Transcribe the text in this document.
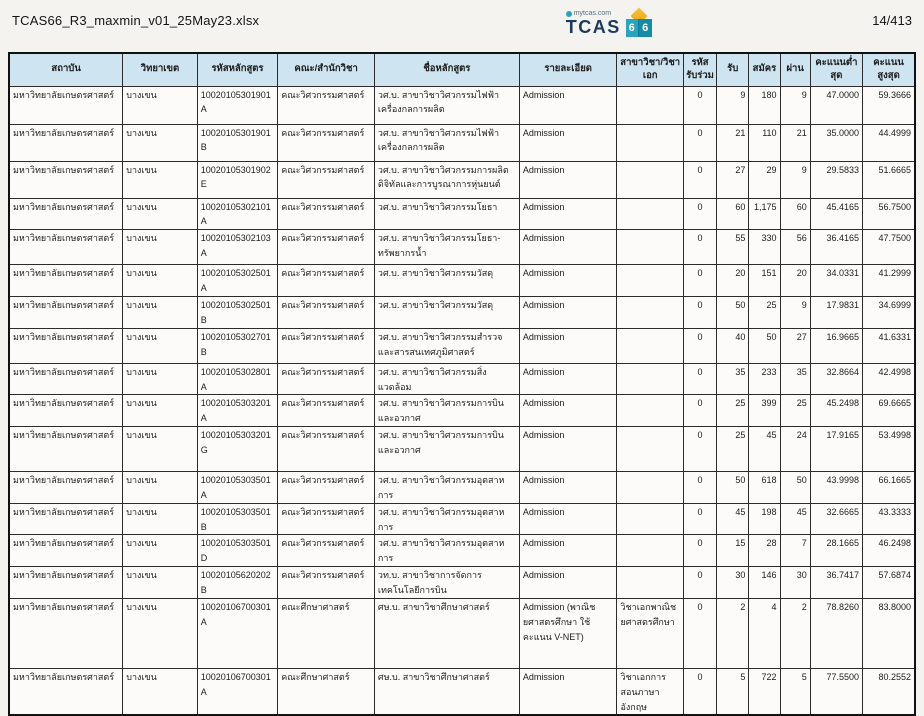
TCAS66_R3_maxmin_v01_25May23.xlsx	mytcas.com
TCAS 6 6	14/413
สถาบัน	วิทยาเขต	รหัสหลักสูตร	คณะ/สำนักวิชา	ชื่อหลักสูตร	รายละเอียด	สาขาวิชา/วิชาเอก	รหัสรับร่วม	รับ	สมัคร	ผ่าน	คะแนนต่ำสุด	คะแนนสูงสุด
มหาวิทยาลัยเกษตรศาสตร์	บางเขน	10020105301901A	คณะวิศวกรรมศาสตร์	วศ.บ. สาขาวิชาวิศวกรรมไฟฟ้าเครื่องกลการผลิต	Admission		0	9	180	9	47.0000	59.3666
มหาวิทยาลัยเกษตรศาสตร์	บางเขน	10020105301901B	คณะวิศวกรรมศาสตร์	วศ.บ. สาขาวิชาวิศวกรรมไฟฟ้าเครื่องกลการผลิต	Admission		0	21	110	21	35.0000	44.4999
มหาวิทยาลัยเกษตรศาสตร์	บางเขน	10020105301902E	คณะวิศวกรรมศาสตร์	วศ.บ. สาขาวิชาวิศวกรรมการผลิตดิจิทัลและการบูรณาการหุ่นยนต์	Admission		0	27	29	9	29.5833	51.6665
มหาวิทยาลัยเกษตรศาสตร์	บางเขน	10020105302101A	คณะวิศวกรรมศาสตร์	วศ.บ. สาขาวิชาวิศวกรรมโยธา	Admission		0	60	1,175	60	45.4165	56.7500
มหาวิทยาลัยเกษตรศาสตร์	บางเขน	10020105302103A	คณะวิศวกรรมศาสตร์	วศ.บ. สาขาวิชาวิศวกรรมโยธา-ทรัพยากรน้ำ	Admission		0	55	330	56	36.4165	47.7500
มหาวิทยาลัยเกษตรศาสตร์	บางเขน	10020105302501A	คณะวิศวกรรมศาสตร์	วศ.บ. สาขาวิชาวิศวกรรมวัสดุ	Admission		0	20	151	20	34.0331	41.2999
มหาวิทยาลัยเกษตรศาสตร์	บางเขน	10020105302501B	คณะวิศวกรรมศาสตร์	วศ.บ. สาขาวิชาวิศวกรรมวัสดุ	Admission		0	50	25	9	17.9831	34.6999
มหาวิทยาลัยเกษตรศาสตร์	บางเขน	10020105302701B	คณะวิศวกรรมศาสตร์	วศ.บ. สาขาวิชาวิศวกรรมสำรวจและสารสนเทศภูมิศาสตร์	Admission		0	40	50	27	16.9665	41.6331
มหาวิทยาลัยเกษตรศาสตร์	บางเขน	10020105302801A	คณะวิศวกรรมศาสตร์	วศ.บ. สาขาวิชาวิศวกรรมสิ่งแวดล้อม	Admission		0	35	233	35	32.8664	42.4998
มหาวิทยาลัยเกษตรศาสตร์	บางเขน	10020105303201A	คณะวิศวกรรมศาสตร์	วศ.บ. สาขาวิชาวิศวกรรมการบินและอวกาศ	Admission		0	25	399	25	45.2498	69.6665
มหาวิทยาลัยเกษตรศาสตร์	บางเขน	10020105303201G	คณะวิศวกรรมศาสตร์	วศ.บ. สาขาวิชาวิศวกรรมการบินและอวกาศ	Admission		0	25	45	24	17.9165	53.4998
มหาวิทยาลัยเกษตรศาสตร์	บางเขน	10020105303501A	คณะวิศวกรรมศาสตร์	วศ.บ. สาขาวิชาวิศวกรรมอุตสาหการ	Admission		0	50	618	50	43.9998	66.1665
มหาวิทยาลัยเกษตรศาสตร์	บางเขน	10020105303501B	คณะวิศวกรรมศาสตร์	วศ.บ. สาขาวิชาวิศวกรรมอุตสาหการ	Admission		0	45	198	45	32.6665	43.3333
มหาวิทยาลัยเกษตรศาสตร์	บางเขน	10020105303501D	คณะวิศวกรรมศาสตร์	วศ.บ. สาขาวิชาวิศวกรรมอุตสาหการ	Admission		0	15	28	7	28.1665	46.2498
มหาวิทยาลัยเกษตรศาสตร์	บางเขน	10020105620202B	คณะวิศวกรรมศาสตร์	วท.บ. สาขาวิชาการจัดการเทคโนโลยีการบิน	Admission		0	30	146	30	36.7417	57.6874
มหาวิทยาลัยเกษตรศาสตร์	บางเขน	10020106700301A	คณะศึกษาศาสตร์	ศษ.บ. สาขาวิชาศึกษาศาสตร์	Admission (พาณิชยศาสตรศึกษา ใช้คะแนน V-NET)	วิชาเอกพาณิชยศาสตรศึกษา	0	2	4	2	78.8260	83.8000
มหาวิทยาลัยเกษตรศาสตร์	บางเขน	10020106700301A	คณะศึกษาศาสตร์	ศษ.บ. สาขาวิชาศึกษาศาสตร์	Admission	วิชาเอกการสอนภาษาอังกฤษ	0	5	722	5	77.5500	80.2552
